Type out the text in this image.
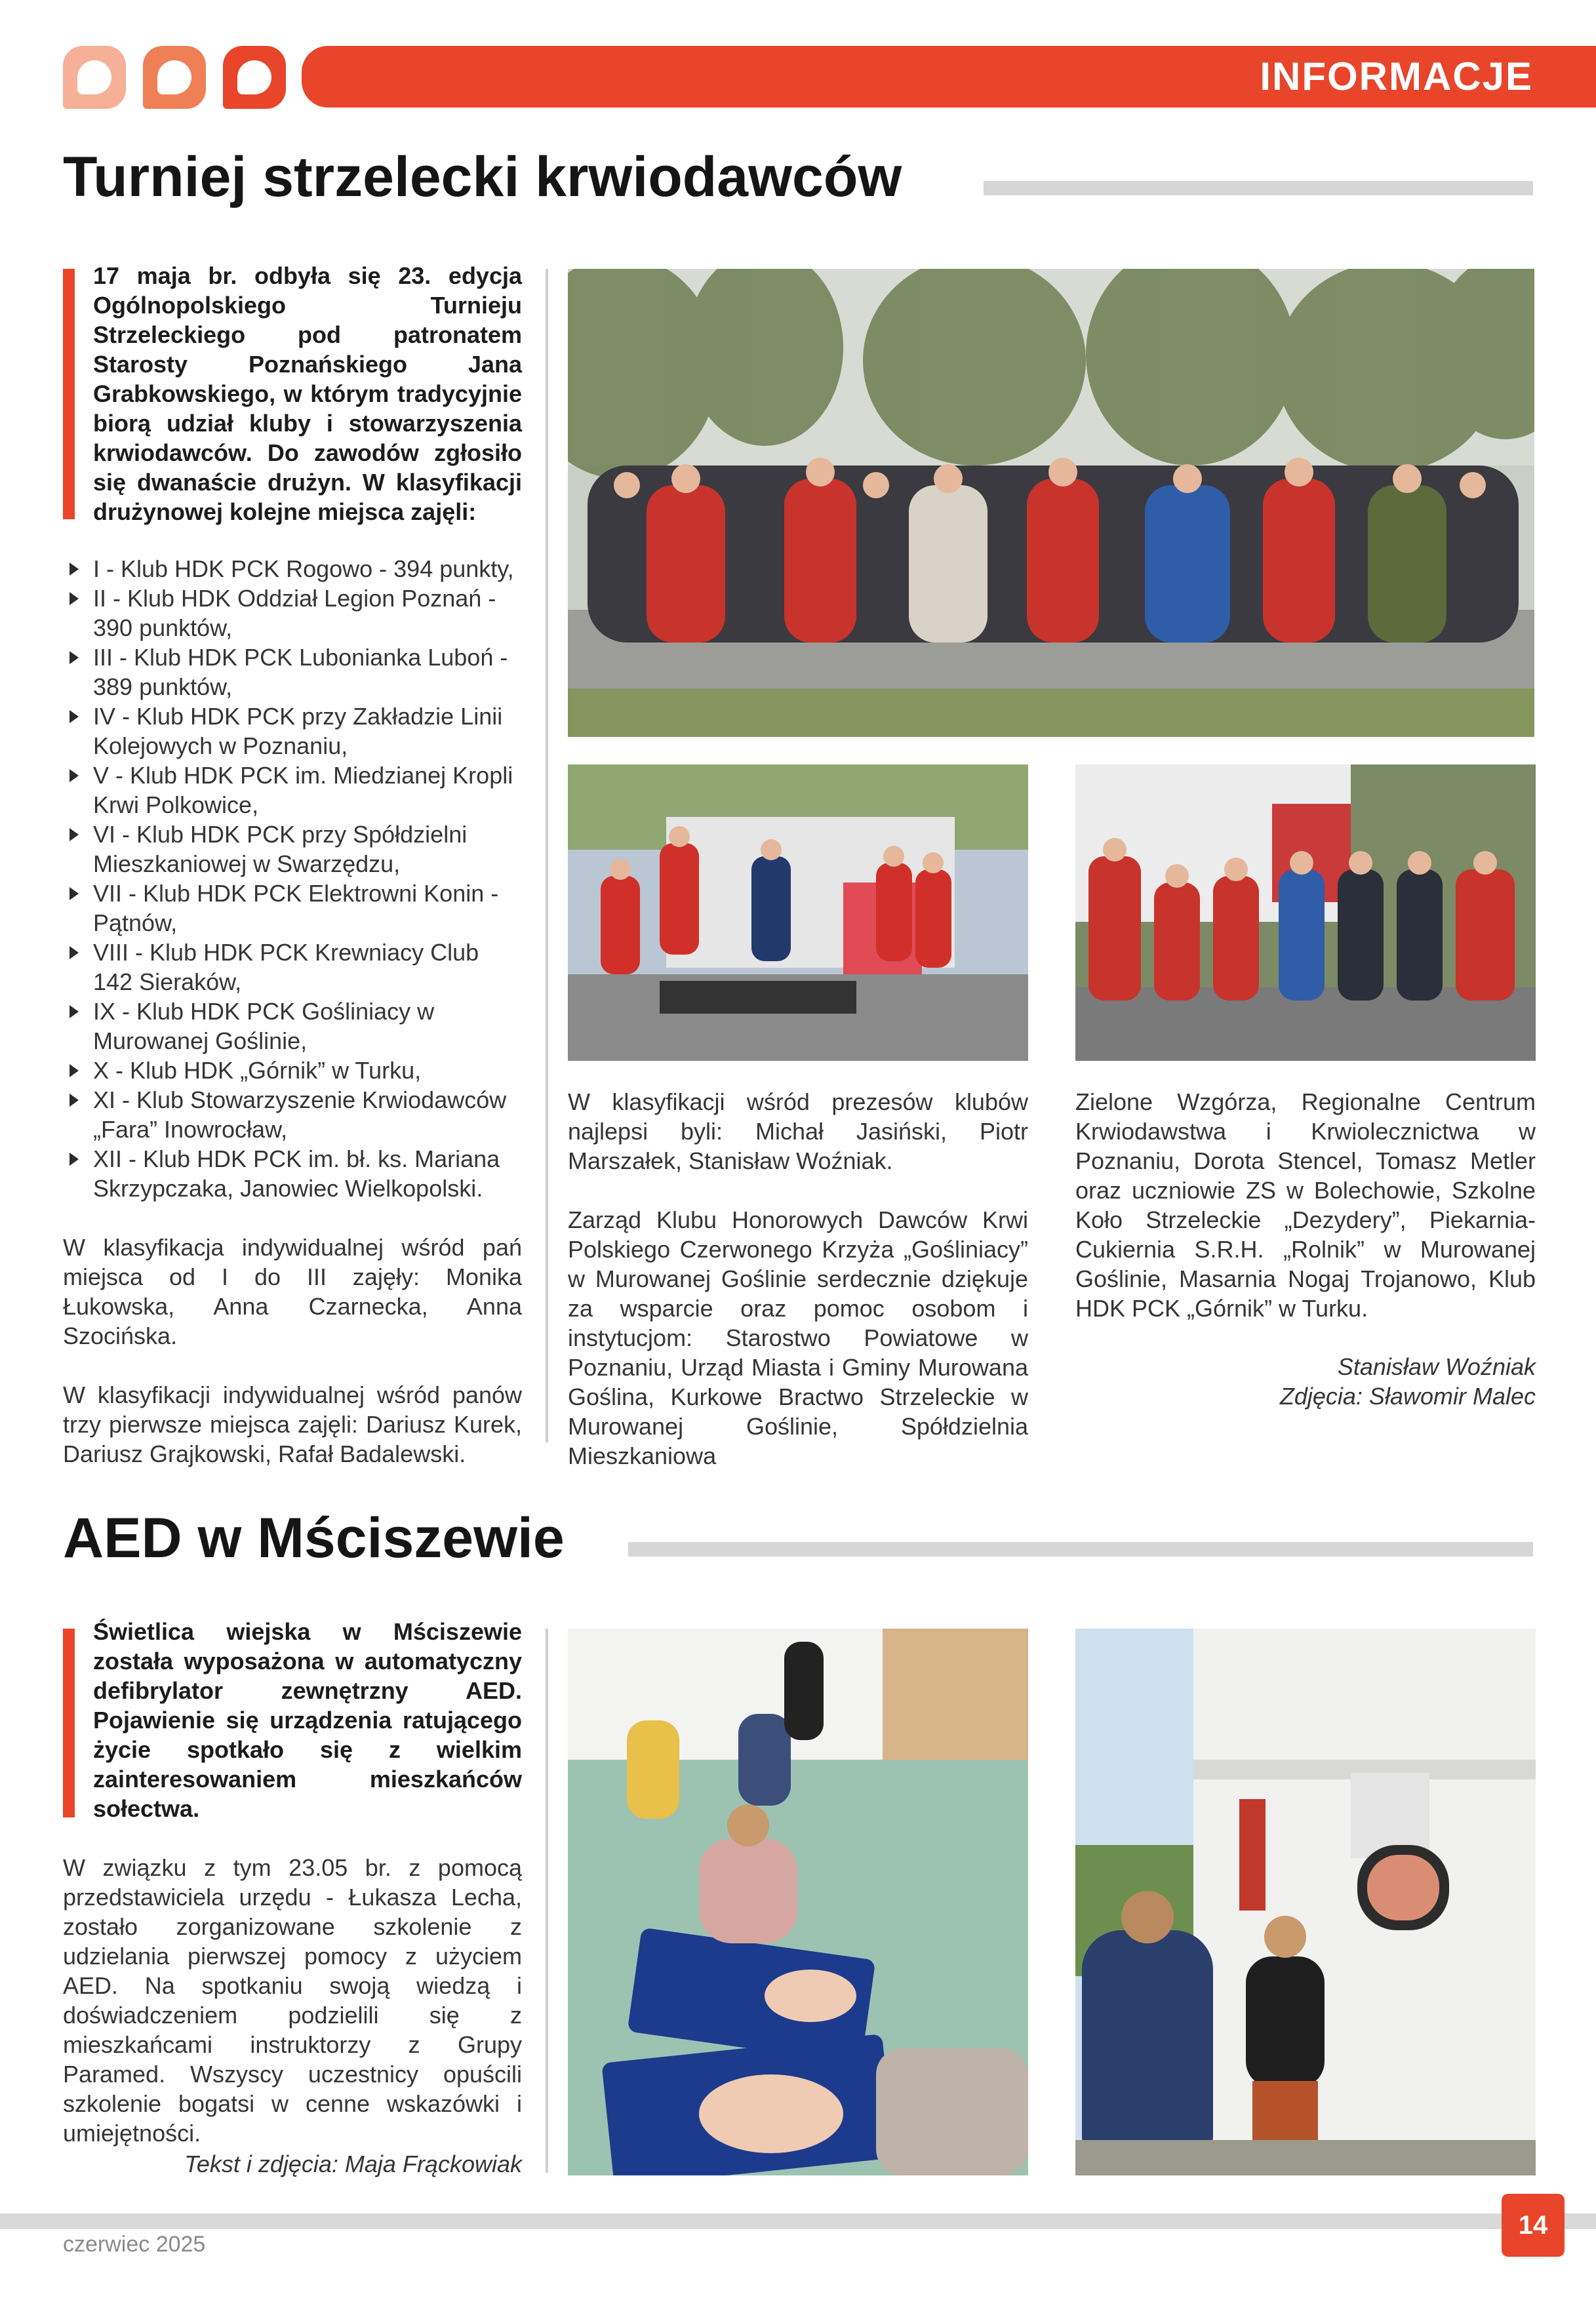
INFORMACJE
Turniej strzelecki krwiodawców

17 maja br. odbyła się 23. edycja Ogólnopolskiego Turnieju Strzeleckiego pod patronatem Starosty Poznańskiego Jana Grabkowskiego, w którym tradycyjnie biorą udział kluby i stowarzyszenia krwiodawców. Do zawodów zgłosiło się dwanaście drużyn. W klasyfikacji drużynowej kolejne miejsca zajęli:

I - Klub HDK PCK Rogowo - 394 punkty,
II - Klub HDK Oddział Legion Poznań - 390 punktów,
III - Klub HDK PCK Lubonianka Luboń - 389 punktów,
IV - Klub HDK PCK przy Zakładzie Linii Kolejowych w Poznaniu,
V - Klub HDK PCK im. Miedzianej Kropli Krwi Polkowice,
VI - Klub HDK PCK przy Spółdzielni Mieszkaniowej w Swarzędzu,
VII - Klub HDK PCK Elektrowni Konin -Pątnów,
VIII - Klub HDK PCK Krewniacy Club 142 Sieraków,
IX - Klub HDK PCK Gośliniacy w Murowanej Goślinie,
X - Klub HDK „Górnik” w Turku,
XI - Klub Stowarzyszenie Krwiodawców „Fara” Inowrocław,
XII - Klub HDK PCK im. bł. ks. Mariana Skrzypczaka, Janowiec Wielkopolski.

W klasyfikacja indywidualnej wśród pań miejsca od I do III zajęły: Monika Łukowska, Anna Czarnecka, Anna Szocińska.

W klasyfikacji indywidualnej wśród panów trzy pierwsze miejsca zajęli: Dariusz Kurek, Dariusz Grajkowski, Rafał Badalewski.

W klasyfikacji wśród prezesów klubów najlepsi byli: Michał Jasiński, Piotr Marszałek, Stanisław Woźniak.

Zarząd Klubu Honorowych Dawców Krwi Polskiego Czerwonego Krzyża „Gośliniacy” w Murowanej Goślinie serdecznie dziękuje za wsparcie oraz pomoc osobom i instytucjom: Starostwo Powiatowe w Poznaniu, Urząd Miasta i Gminy Murowana Goślina, Kurkowe Bractwo Strzeleckie w Murowanej Goślinie, Spółdzielnia Mieszkaniowa

Zielone Wzgórza, Regionalne Centrum Krwiodawstwa i Krwiolecznictwa w Poznaniu, Dorota Stencel, Tomasz Metler oraz uczniowie ZS w Bolechowie, Szkolne Koło Strzeleckie „Dezydery”, Piekarnia-Cukiernia S.R.H. „Rolnik” w Murowanej Goślinie, Masarnia Nogaj Trojanowo, Klub HDK PCK „Górnik” w Turku.

Stanisław Woźniak

Zdjęcia: Sławomir Malec

AED w Mściszewie

Świetlica wiejska w Mściszewie została wyposażona w automatyczny defibrylator zewnętrzny AED. Pojawienie się urządzenia ratującego życie spotkało się z wielkim zainteresowaniem mieszkańców sołectwa.

W związku z tym 23.05 br. z pomocą przedstawiciela urzędu - Łukasza Lecha, zostało zorganizowane szkolenie z udzielania pierwszej pomocy z użyciem AED. Na spotkaniu swoją wiedzą i doświadczeniem podzielili się z mieszkańcami instruktorzy z Grupy Paramed. Wszyscy uczestnicy opuścili szkolenie bogatsi w cenne wskazówki i umiejętności.

Tekst i zdjęcia: Maja Frąckowiak

czerwiec 2025
14
